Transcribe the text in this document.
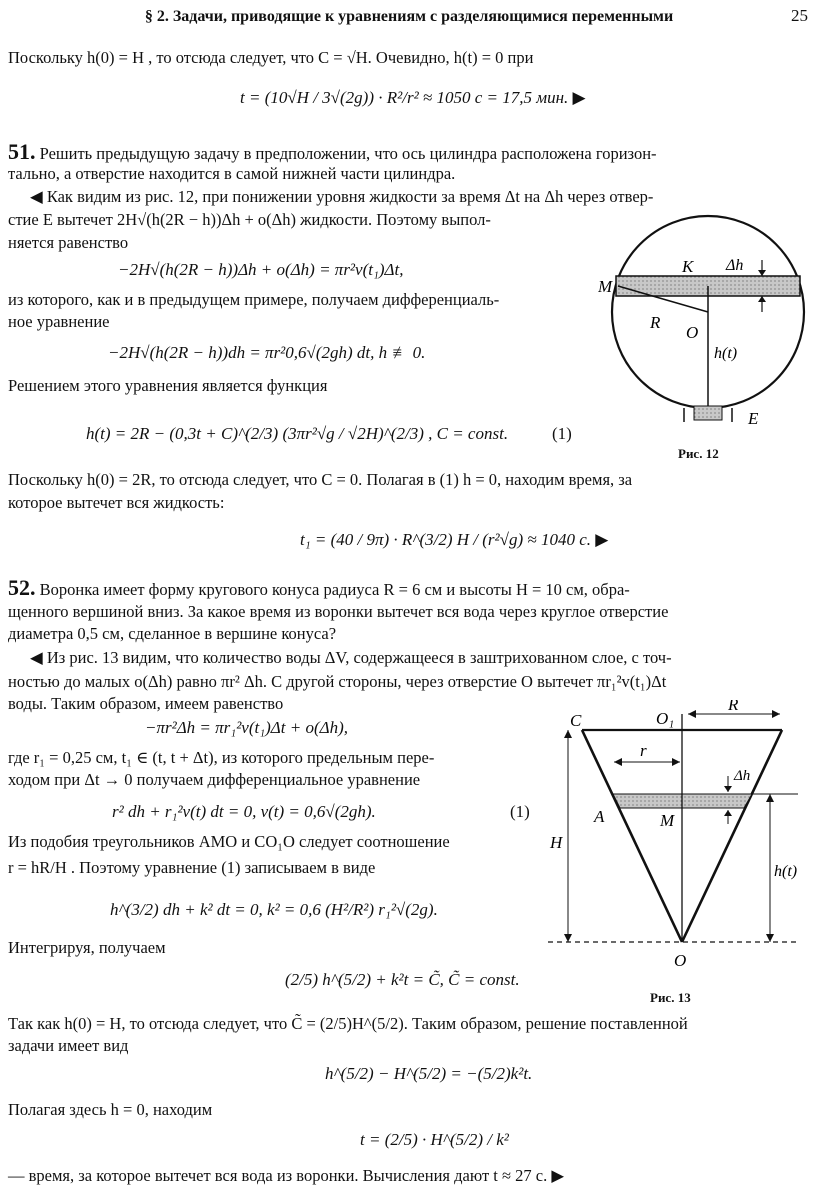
§ 2. Задачи, приводящие к уравнениям с разделяющимися переменными	25
Поскольку h(0) = H , то отсюда следует, что C = √H. Очевидно, h(t) = 0 при
t = (10√H / 3√(2g)) · R²/r² ≈ 1050 с = 17,5 мин. ▶
51. Решить предыдущую задачу в предположении, что ось цилиндра расположена горизон-
тально, а отверстие находится в самой нижней части цилиндра.
◀ Как видим из рис. 12, при понижении уровня жидкости за время Δt на Δh через отвер-
стие E вытечет 2H√(h(2R − h))Δh + o(Δh) жидкости. Поэтому выпол-
няется равенство
−2H√(h(2R − h))Δh + o(Δh) = πr²v(t₁)Δt,
из которого, как и в предыдущем примере, получаем дифференциаль-
ное уравнение
−2H√(h(2R − h))dh = πr²0,6√(2gh) dt, h ≢ 0.
Решением этого уравнения является функция
h(t) = 2R − (0,3t + C)^(2/3) (3πr²√g / √2H)^(2/3) , C = const.	(1)
Поскольку h(0) = 2R, то отсюда следует, что C = 0. Полагая в (1) h = 0, находим время, за
которое вытечет вся жидкость:
t₁ = (40 / 9π) · R^(3/2) H / (r²√g) ≈ 1040 с. ▶
52. Воронка имеет форму кругового конуса радиуса R = 6 см и высоты H = 10 см, обра-
щенного вершиной вниз. За какое время из воронки вытечет вся вода через круглое отверстие
диаметра 0,5 см, сделанное в вершине конуса?
◀ Из рис. 13 видим, что количество воды ΔV, содержащееся в заштрихованном слое, с точ-
ностью до малых o(Δh) равно πr² Δh. С другой стороны, через отверстие O вытечет πr₁²v(t₁)Δt
воды. Таким образом, имеем равенство
−πr²Δh = πr₁²v(t₁)Δt + o(Δh),
где r₁ = 0,25 см, t₁ ∈ (t, t + Δt), из которого предельным пере-
ходом при Δt → 0 получаем дифференциальное уравнение
r² dh + r₁²v(t) dt = 0, v(t) = 0,6√(2gh).	(1)
Из подобия треугольников AMO и CO₁O следует соотношение
r = hR/H . Поэтому уравнение (1) записываем в виде
h^(3/2) dh + k² dt = 0, k² = 0,6 (H²/R²) r₁²√(2g).
Интегрируя, получаем
(2/5) h^(5/2) + k²t = C̃, C̃ = const.
Так как h(0) = H, то отсюда следует, что C̃ = (2/5)H^(5/2). Таким образом, решение поставленной
задачи имеет вид
h^(5/2) − H^(5/2) = −(5/2)k²t.
Полагая здесь h = 0, находим
t = (2/5) · H^(5/2) / k²
— время, за которое вытечет вся вода из воронки. Вычисления дают t ≈ 27 с. ▶
M
K Δh
R
O
h(t)
E
Рис. 12
C	O₁
R
r
Δh
A	M
H
h(t)
O
Рис. 13
